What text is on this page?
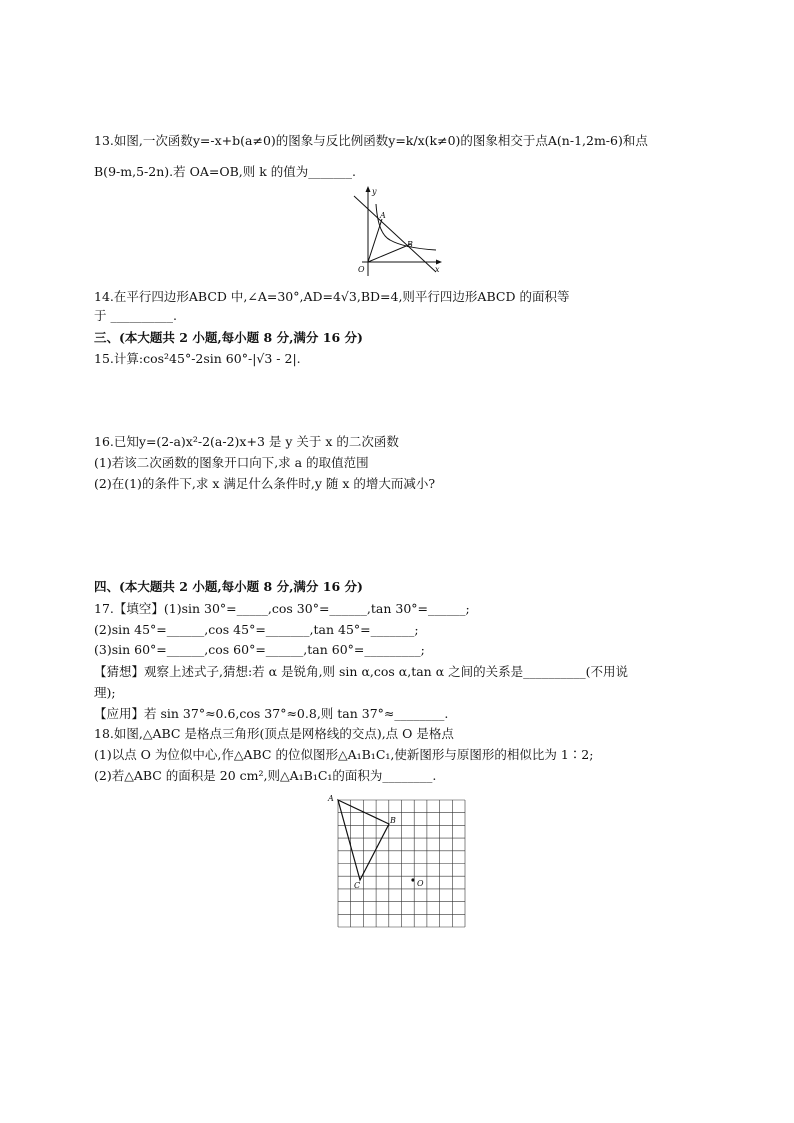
13.如图,一次函数y=-x+b(a≠0)的图象与反比例函数y=k/x(k≠0)的图象相交于点A(n-1,2m-6)和点
B(9-m,5-2n).若 OA=OB,则 k 的值为_______.
y
x
O
A
B
14.在平行四边形ABCD 中,∠A=30°,AD=4√3,BD=4,则平行四边形ABCD 的面积等
于 __________.
三、(本大题共 2 小题,每小题 8 分,满分 16 分)
15.计算:cos²45°-2sin 60°-|√3 - 2|.
16.已知y=(2-a)x²-2(a-2)x+3 是 y 关于 x 的二次函数
(1)若该二次函数的图象开口向下,求 a 的取值范围
(2)在(1)的条件下,求 x 满足什么条件时,y 随 x 的增大而减小?
四、(本大题共 2 小题,每小题 8 分,满分 16 分)
17.【填空】(1)sin 30°=_____,cos 30°=______,tan 30°=______;
(2)sin 45°=______,cos 45°=_______,tan 45°=_______;
(3)sin 60°=______,cos 60°=______,tan 60°=_________;
【猜想】观察上述式子,猜想:若 α 是锐角,则 sin α,cos α,tan α 之间的关系是__________(不用说
理);
【应用】若 sin 37°≈0.6,cos 37°≈0.8,则 tan 37°≈________.
18.如图,△ABC 是格点三角形(顶点是网格线的交点),点 O 是格点
(1)以点 O 为位似中心,作△ABC 的位似图形△A₁B₁C₁,使新图形与原图形的相似比为 1∶2;
(2)若△ABC 的面积是 20 cm²,则△A₁B₁C₁的面积为________.
A
B
C	O
